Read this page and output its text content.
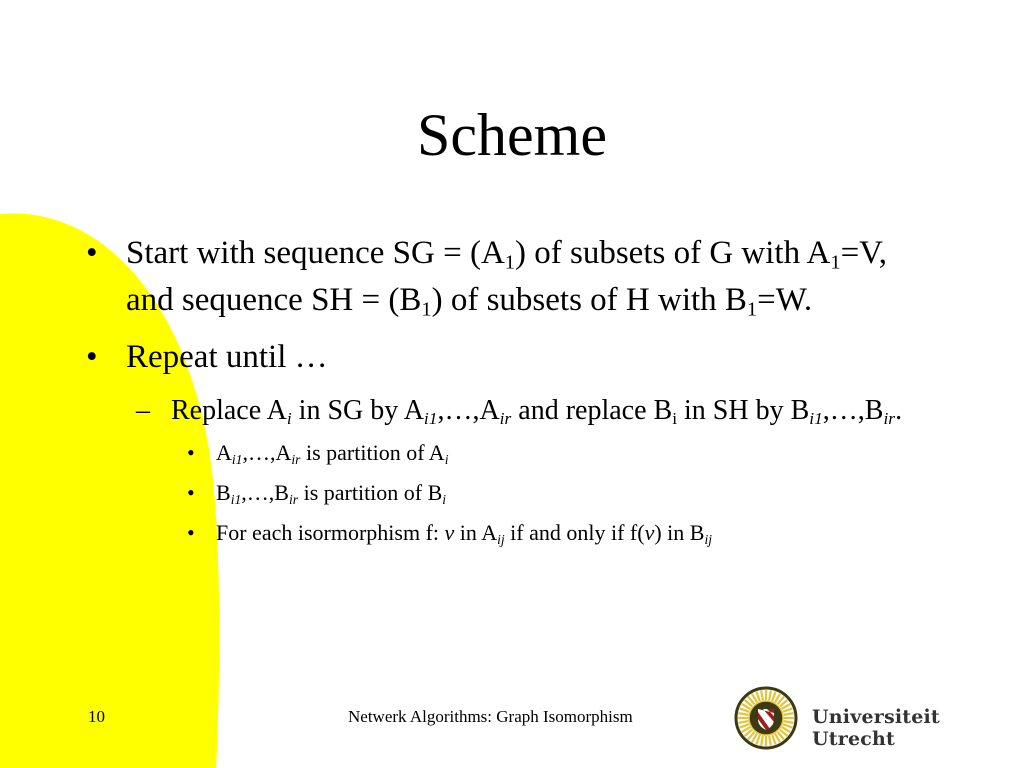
Scheme
• Start with sequence SG = $(A_1)$ of subsets of G with $A_1=V$, and sequence SH = $(B_1)$ of subsets of H with $B_1=W$.
• Repeat until …
– Replace $A_i$ in SG by $A_{i1},\dots,A_{ir}$ and replace $B_i$ in SH by $B_{i1},\dots,B_{ir}$.
• $A_{i1},\dots,A_{ir}$ is partition of $A_i$
• $B_{i1},\dots,B_{ir}$ is partition of $B_i$
• For each isormorphism f: v in $A_{ij}$ if and only if f(v) in $B_{ij}$
10	Netwerk Algorithms: Graph Isomorphism	Universiteit Utrecht
